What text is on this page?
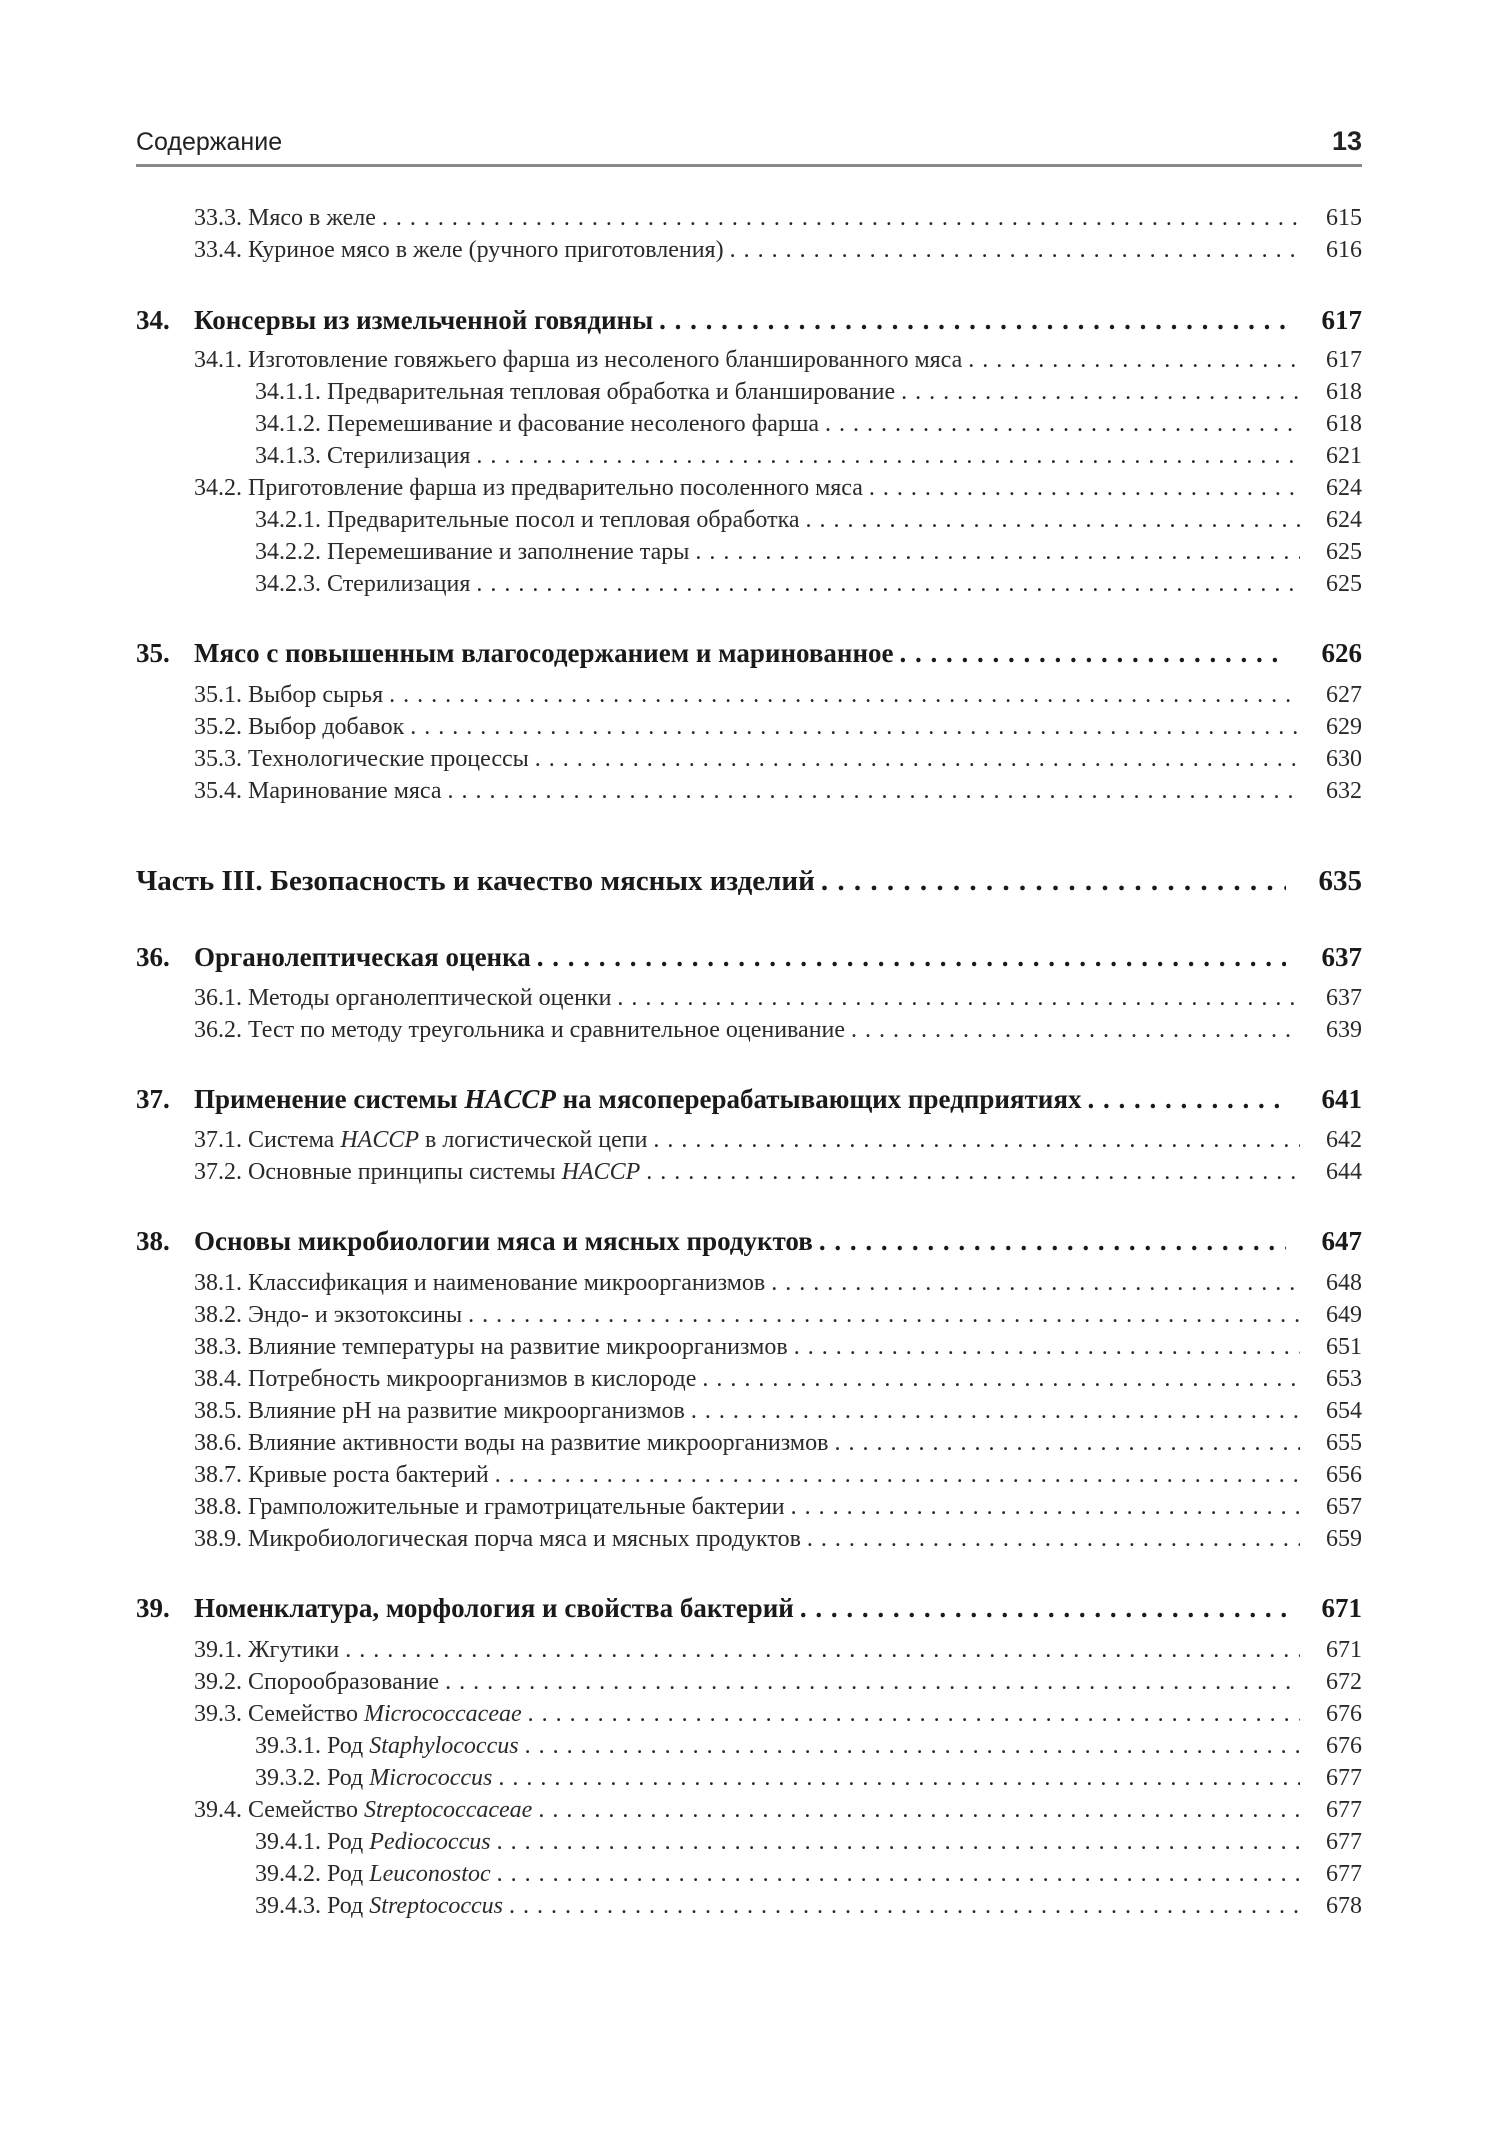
Содержание	13
33.3. Мясо в желе . . .	615
33.4. Куриное мясо в желе (ручного приготовления) . . .	616
34. Консервы из измельченной говядины . . .	617
34.1. Изготовление говяжьего фарша из несоленого бланшированного мяса . . .	617
34.1.1. Предварительная тепловая обработка и бланширование . . .	618
34.1.2. Перемешивание и фасование несоленого фарша . . .	618
34.1.3. Стерилизация . . .	621
34.2. Приготовление фарша из предварительно посоленного мяса . . .	624
34.2.1. Предварительные посол и тепловая обработка . . .	624
34.2.2. Перемешивание и заполнение тары . . .	625
34.2.3. Стерилизация . . .	625
35. Мясо с повышенным влагосодержанием и маринованное . . .	626
35.1. Выбор сырья . . .	627
35.2. Выбор добавок . . .	629
35.3. Технологические процессы . . .	630
35.4. Маринование мяса . . .	632
Часть III. Безопасность и качество мясных изделий . . .	635
36. Органолептическая оценка . . .	637
36.1. Методы органолептической оценки . . .	637
36.2. Тест по методу треугольника и сравнительное оценивание . . .	639
37. Применение системы HACCP на мясоперерабатывающих предприятиях . . .	641
37.1. Система HACCP в логистической цепи . . .	642
37.2. Основные принципы системы HACCP . . .	644
38. Основы микробиологии мяса и мясных продуктов . . .	647
38.1. Классификация и наименование микроорганизмов . . .	648
38.2. Эндо- и экзотоксины . . .	649
38.3. Влияние температуры на развитие микроорганизмов . . .	651
38.4. Потребность микроорганизмов в кислороде . . .	653
38.5. Влияние pH на развитие микроорганизмов . . .	654
38.6. Влияние активности воды на развитие микроорганизмов . . .	655
38.7. Кривые роста бактерий . . .	656
38.8. Грамположительные и грамотрицательные бактерии . . .	657
38.9. Микробиологическая порча мяса и мясных продуктов . . .	659
39. Номенклатура, морфология и свойства бактерий . . .	671
39.1. Жгутики . . .	671
39.2. Спорообразование . . .	672
39.3. Семейство Micrococcaceae . . .	676
39.3.1. Род Staphylococcus . . .	676
39.3.2. Род Micrococcus . . .	677
39.4. Семейство Streptococcaceae . . .	677
39.4.1. Род Pediococcus . . .	677
39.4.2. Род Leuconostoc . . .	677
39.4.3. Род Streptococcus . . .	678
